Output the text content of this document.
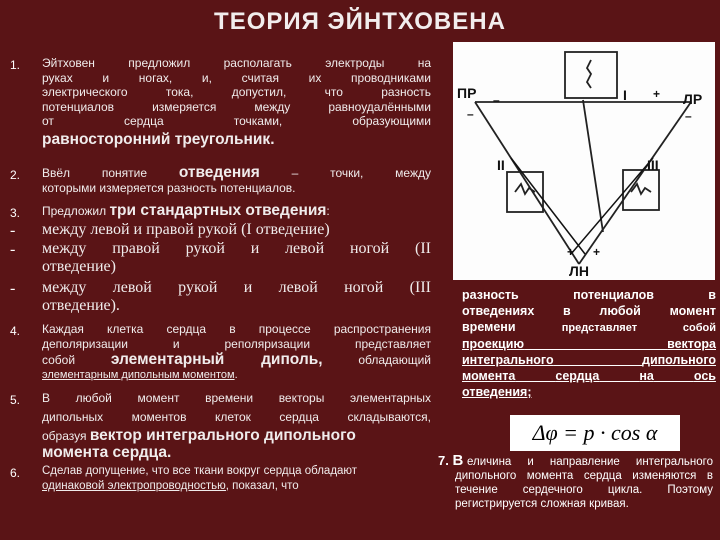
ТЕОРИЯ ЭЙНТХОВЕНА
1. Эйтховен предложил располагать электроды на
руках и ногах, и, считая их проводниками
электрического тока, допустил, что разность
потенциалов измеряется между равноудалёнными
от сердца точками, образующими
равносторонний треугольник.
2. Ввёл понятие отведения	– точки, между
которыми измеряется разность потенциалов.
3. Предложил три стандартных отведения:
- между левой и правой рукой (I отведение)
- между правой рукой и левой ногой (II
отведение)
- между левой рукой и левой ногой (III
отведение).
4. Каждая клетка сердца в процессе распространения
деполяризации и реполяризации представляет
собой элементарный диполь,	обладающий
элементарным дипольным моментом.
5. В любой момент времени векторы элементарных
дипольных моментов клеток сердца складываются,
образуя вектор интегрального дипольного
момента сердца.
6. Сделав допущение, что все ткани вокруг сердца обладают
одинаковой электропроводностью, показал, что
ПР	ЛР
ЛН
I
II	III
–	+
–
+
–
+
разность потенциалов в
отведениях в любой момент
времени	представляет собой
проекцию	вектора
интегрального	дипольного
момента	сердца	на	ось
отведения;
Δφ = p · cos α
7. В еличина и направление интегрального дипольного момента сердца изменяются в течение сердечного цикла. Поэтому регистрируется сложная кривая.
